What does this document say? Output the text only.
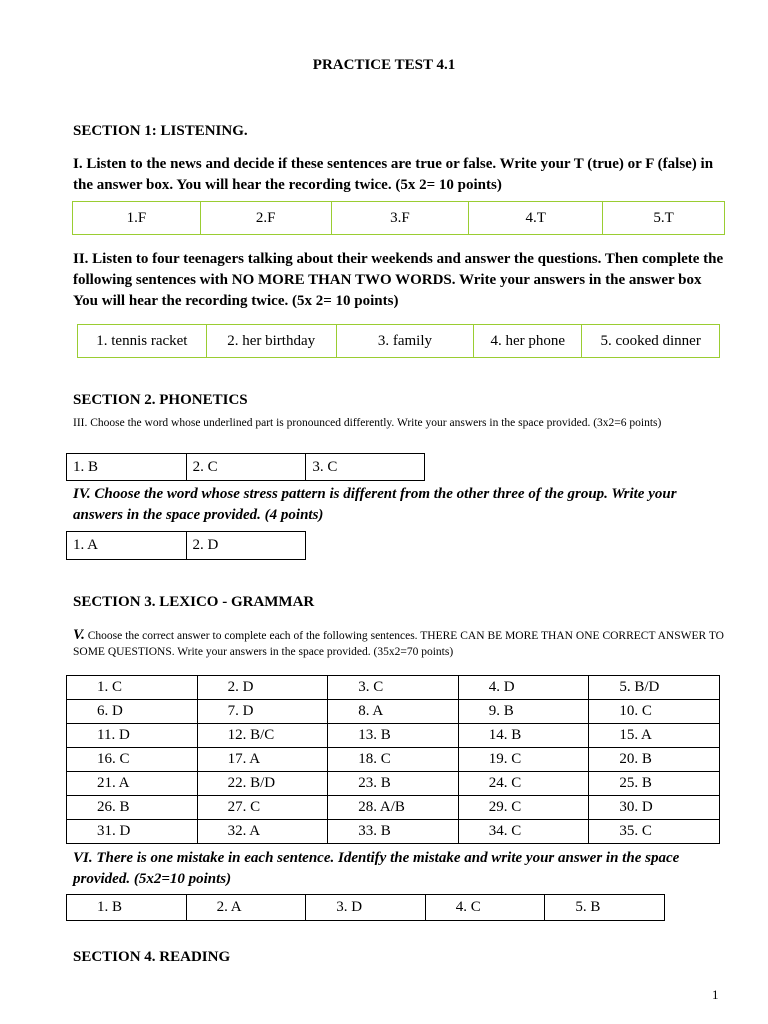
PRACTICE TEST 4.1
SECTION 1: LISTENING.
I. Listen to the news and decide if these sentences are true or false. Write your T (true) or F (false) in the answer box. You will hear the recording twice. (5x 2= 10 points)
1.F	2.F	3.F	4.T	5.T
II. Listen to four teenagers talking about their weekends and answer the questions. Then complete the following sentences with NO MORE THAN TWO WORDS. Write your answers in the answer box You will hear the recording twice. (5x 2= 10 points)
1. tennis racket	2. her birthday	3. family	4. her phone	5. cooked dinner
SECTION 2. PHONETICS
III. Choose the word whose underlined part is pronounced differently. Write your answers in the space provided. (3x2=6 points)
1. B	2. C	3. C
IV. Choose the word whose stress pattern is different from the other three of the group. Write your answers in the space provided. (4 points)
1. A	2. D
SECTION 3. LEXICO - GRAMMAR
V. Choose the correct answer to complete each of the following sentences. THERE CAN BE MORE THAN ONE CORRECT ANSWER TO SOME QUESTIONS. Write your answers in the space provided. (35x2=70 points)
1. C	2. D	3. C	4. D	5. B/D
6. D	7. D	8. A	9. B	10. C
11. D	12. B/C	13. B	14. B	15. A
16. C	17. A	18. C	19. C	20. B
21. A	22. B/D	23. B	24. C	25. B
26. B	27. C	28. A/B	29. C	30. D
31. D	32. A	33. B	34. C	35. C
VI. There is one mistake in each sentence. Identify the mistake and write your answer in the space provided. (5x2=10 points)
1. B	2. A	3. D	4. C	5. B
SECTION 4. READING
1
